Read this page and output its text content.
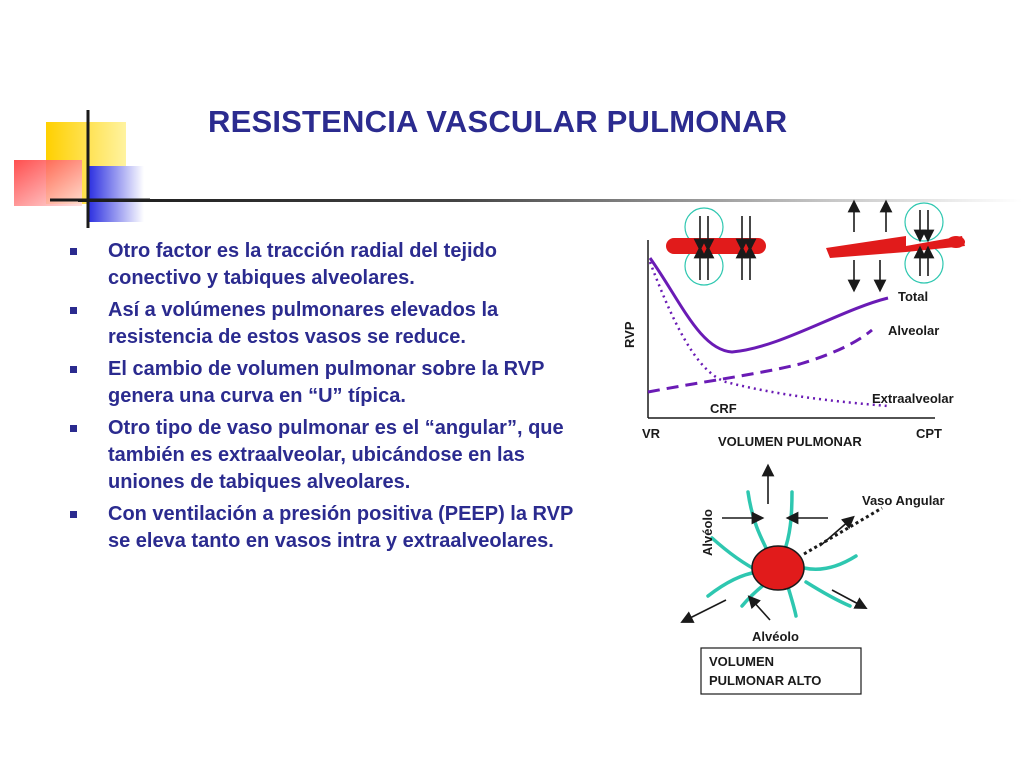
RESISTENCIA VASCULAR PULMONAR
Otro factor es la tracción radial del tejido conectivo y tabiques alveolares.
Así a volúmenes pulmonares elevados la resistencia de estos vasos se reduce.
El cambio de volumen pulmonar sobre la RVP genera una curva en “U” típica.
Otro tipo de vaso pulmonar es el “angular”, que también es extraalveolar, ubicándose en las uniones de tabiques alveolares.
Con ventilación a presión positiva (PEEP) la RVP se eleva tanto en vasos intra y extraalveolares.
RVP
Total
Alveolar
Extraalveolar
CRF
VR	CPT
VOLUMEN PULMONAR
Vaso Angular
Alvéolo
Alvéolo
VOLUMEN
PULMONAR ALTO
